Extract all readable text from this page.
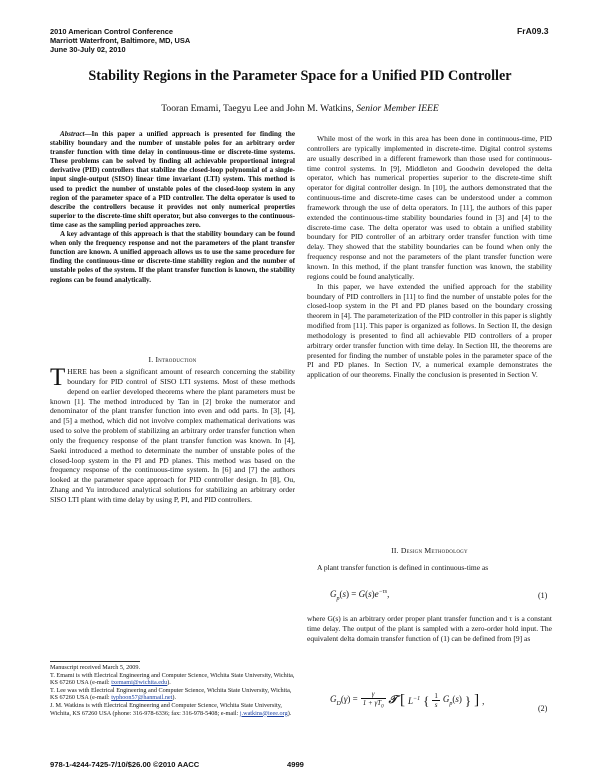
2010 American Control Conference
Marriott Waterfront, Baltimore, MD, USA
June 30-July 02, 2010
FrA09.3
Stability Regions in the Parameter Space for a Unified PID Controller
Tooran Emami, Taegyu Lee and John M. Watkins, Senior Member IEEE

Abstract—In this paper a unified approach is presented for finding the stability boundary and the number of unstable poles for an arbitrary order transfer function with time delay in continuous-time or discrete-time systems. These problems can be solved by finding all achievable proportional integral derivative (PID) controllers that stabilize the closed-loop polynomial of a single-input single-output (SISO) linear time invariant (LTI) system. This method is used to predict the number of unstable poles of the closed-loop system in any region of the parameter space of a PID controller. The delta operator is used to describe the controllers because it provides not only numerical properties superior to the discrete-time shift operator, but also converges to the continuous-time case as the sampling period approaches zero.

A key advantage of this approach is that the stability boundary can be found when only the frequency response and not the parameters of the plant transfer function are known. A unified approach allows us to use the same procedure for finding the continuous-time or discrete-time stability region and the number of unstable poles of the system. If the plant transfer function is known, the stability regions can be found analytically.

I. Introduction

THERE has been a significant amount of research concerning the stability boundary for PID control of SISO LTI systems. Most of these methods depend on earlier developed theorems where the plant parameters must be known [1]. The method introduced by Tan in [2] broke the numerator and denominator of the plant transfer function into even and odd parts. In [3], [4], and [5] a method, which did not involve complex mathematical derivations was used to solve the problem of stabilizing an arbitrary order transfer function when only the frequency response of the plant transfer function was known. In [4], Saeki introduced a method to determinate the number of unstable poles of the closed-loop system in the PI and PD planes. This method was based on the frequency response of the continuous-time system. In [6] and [7] the authors looked at the parameter space approach for PID controller design. In [8], Ou, Zhang and Yu introduced analytical solutions for stabilizing an arbitrary order SISO LTI plant with time delay by using P, PI, and PID controllers.

Manuscript received March 5, 2009.

T. Emami is with Electrical Engineering and Computer Science, Wichita State University, Wichita, KS 67260 USA (e-mail: txemami@wichita.edu).

T. Lee was with Electrical Engineering and Computer Science, Wichita State University, Wichita, KS 67260 USA (e-mail: typhoon57@hanmail.net).

J. M. Watkins is with Electrical Engineering and Computer Science, Wichita State University, Wichita, KS 67260 USA (phone: 316-978-6336; fax: 316-978-5408; e-mail: j.watkins@ieee.org).

While most of the work in this area has been done in continuous-time, PID controllers are typically implemented in discrete-time. Digital control systems are usually described in a different framework than those used for continuous-time control systems. In [9], Middleton and Goodwin developed the delta operator, which has numerical properties superior to the discrete-time shift operator for digital controller design. In [10], the authors demonstrated that the continuous-time and discrete-time cases can be understood under a common framework through the use of delta operators. In [11], the authors of this paper extended the continuous-time stability boundaries found in [3] and [4] to the discrete-time case. The delta operator was used to obtain a unified stability boundary for PID controller of an arbitrary order transfer function with time delay. They showed that the stability boundaries can be found when only the frequency response and not the parameters of the plant transfer function were known. In this method, if the plant transfer function was known, the stability regions could be found analytically.

In this paper, we have extended the unified approach for the stability boundary of PID controllers in [11] to find the number of unstable poles for the closed-loop system in the PI and PD planes based on the boundary crossing theorem in [4]. The parameterization of the PID controller in this paper is slightly modified from [11]. This paper is organized as follows. In Section II, the design methodology is presented to find all achievable PID controllers of a proper arbitrary order transfer function with time delay. In Section III, the theorems are presented for finding the number of unstable poles in the parameter space of the PI and PD planes. In Section IV, a numerical example demonstrates the application of our theorems. Finally the conclusion is presented in Section V.

II. Design Methodology

A plant transfer function is defined in continuous-time as

$G_p(s) = G(s)e^{-\tau s}$,	(1)

where G(s) is an arbitrary order proper plant transfer function and τ is a constant time delay. The output of the plant is sampled with a zero-order hold input. The equivalent delta domain transfer function of (1) can be defined from [9] as

$G_D(\gamma) = \frac{\gamma}{1 + \gamma T_0}$ 𝒯 [ $L^{-1}$ { $\frac{1}{s} G_p(s)$ } ] ,
(2)
978-1-4244-7425-7/10/$26.00 ©2010 AACC	4999
